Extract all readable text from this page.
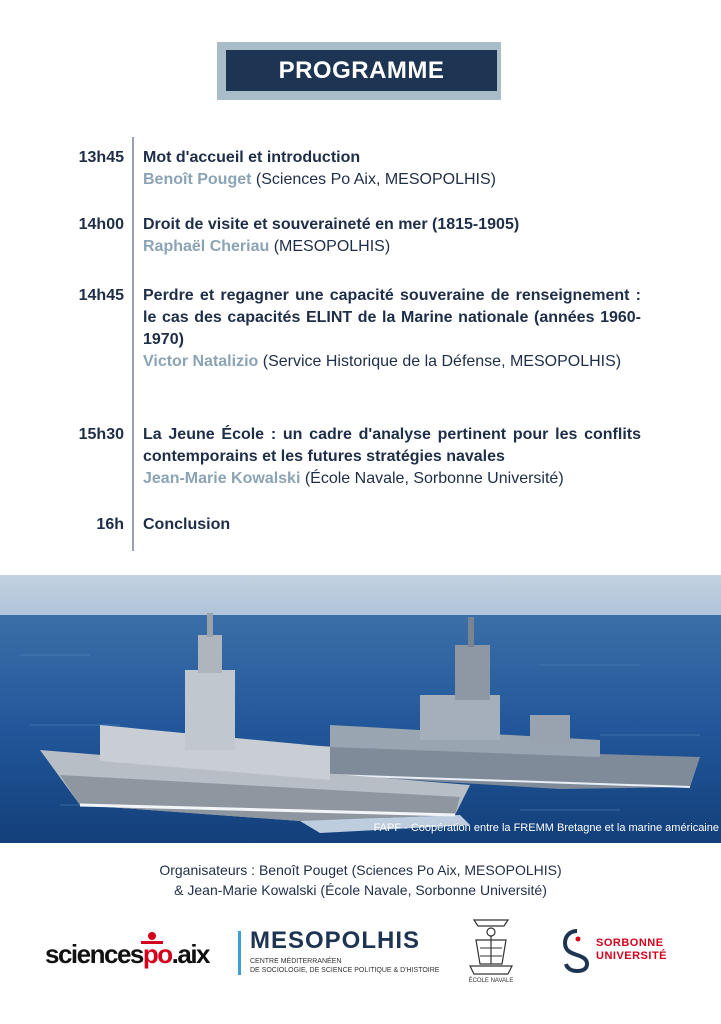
PROGRAMME
13h45 Mot d'accueil et introduction
Benoît Pouget (Sciences Po Aix, MESOPOLHIS)
14h00 Droit de visite et souveraineté en mer (1815-1905)
Raphaël Cheriau (MESOPOLHIS)
14h45 Perdre et regagner une capacité souveraine de renseignement : le cas des capacités ELINT de la Marine nationale (années 1960-1970)
Victor Natalizio (Service Historique de la Défense, MESOPOLHIS)
15h30 La Jeune École : un cadre d'analyse pertinent pour les conflits contemporains et les futures stratégies navales
Jean-Marie Kowalski (École Navale, Sorbonne Université)
16h Conclusion
FAPF - Coopération entre la FREMM Bretagne et la marine américaine
Organisateurs : Benoît Pouget (Sciences Po Aix, MESOPOLHIS)
& Jean-Marie Kowalski (École Navale, Sorbonne Université)
sciencespo.aix MESOPOLHIS
CENTRE MÉDITERRANÉEN
DE SOCIOLOGIE, DE SCIENCE POLITIQUE & D'HISTOIRE
ÉCOLE NAVALE
SORBONNE
UNIVERSITÉ
